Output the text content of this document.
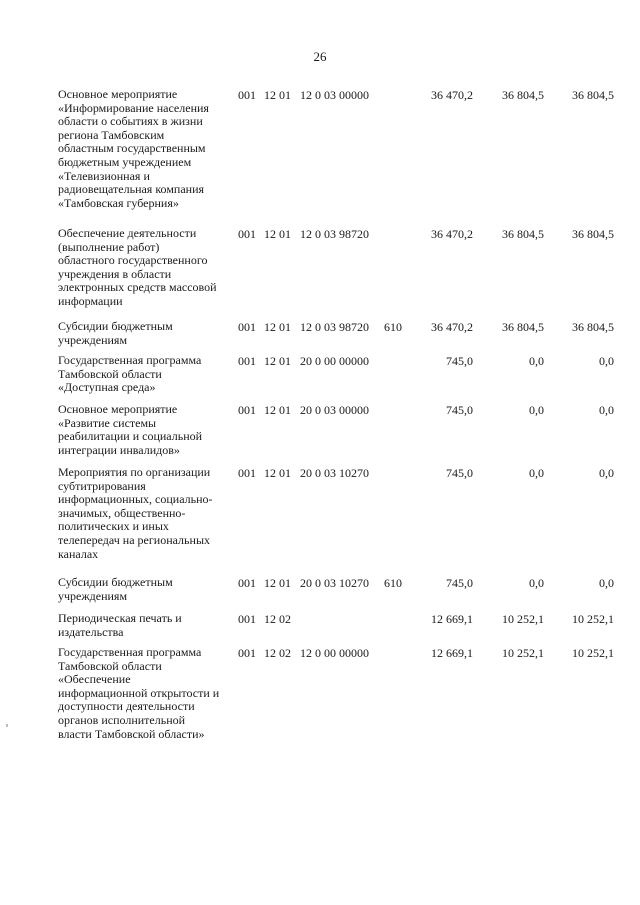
26
Основное мероприятие
«Информирование населения
области о событиях в жизни
региона Тамбовским
областным государственным
бюджетным учреждением
«Телевизионная и
радиовещательная компания
«Тамбовская губерния»
001 12 01 12 0 03 00000	36 470,2	36 804,5	36 804,5
Обеспечение деятельности
(выполнение работ)
областного государственного
учреждения в области
электронных средств массовой
информации
001 12 01 12 0 03 98720	36 470,2	36 804,5	36 804,5
Субсидии бюджетным
учреждениям
001 12 01 12 0 03 98720 610	36 470,2	36 804,5	36 804,5
Государственная программа
Тамбовской области
«Доступная среда»
001 12 01 20 0 00 00000	745,0	0,0	0,0
Основное мероприятие
«Развитие системы
реабилитации и социальной
интеграции инвалидов»
001 12 01 20 0 03 00000	745,0	0,0	0,0
Мероприятия по организации
субтитрирования
информационных, социально-
значимых, общественно-
политических и иных
телепередач на региональных
каналах
001 12 01 20 0 03 10270	745,0	0,0	0,0
Субсидии бюджетным
учреждениям
001 12 01 20 0 03 10270 610	745,0	0,0	0,0
Периодическая печать и
издательства
001 12 02	12 669,1	10 252,1	10 252,1
Государственная программа
Тамбовской области
«Обеспечение
информационной открытости и
доступности деятельности
органов исполнительной
власти Тамбовской области»
001 12 02 12 0 00 00000	12 669,1	10 252,1	10 252,1
